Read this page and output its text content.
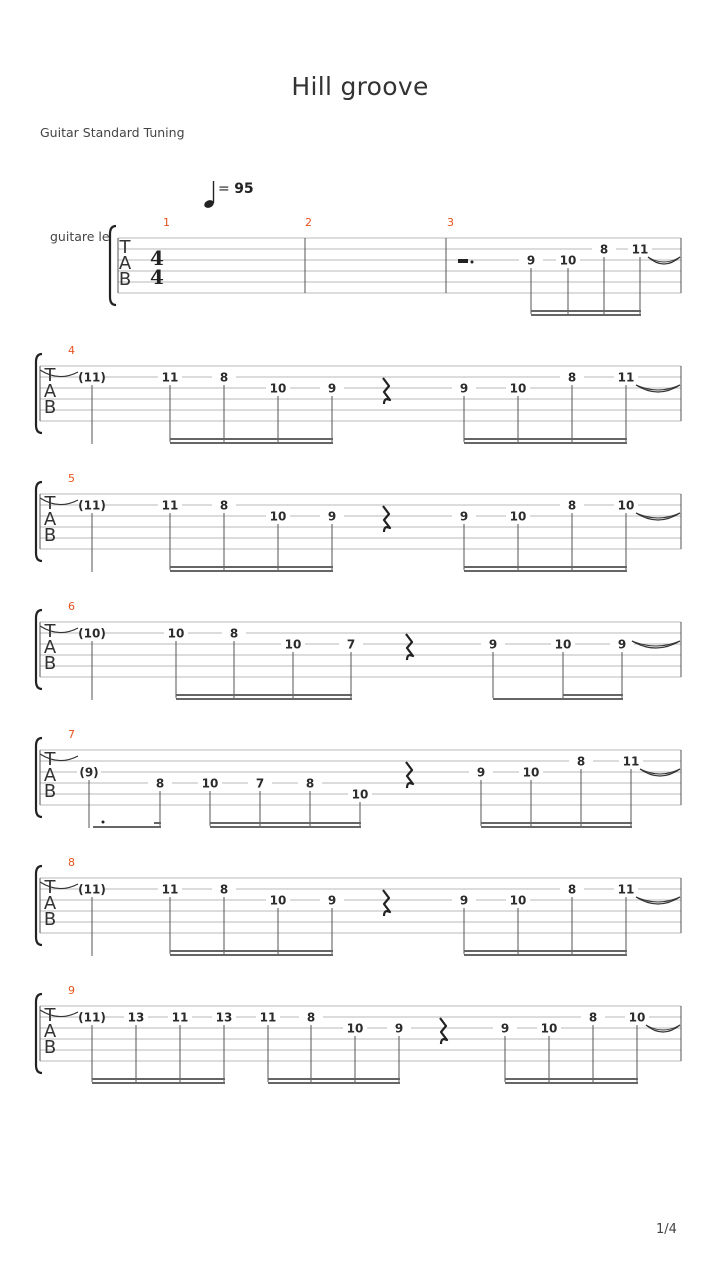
Hill groove
Guitar Standard Tuning
1/4
guitare le
T
A
B
4
4
= 95
1	2	3
9 10
8 11
T
A
B
4
(11)	11	8
10	9	9	10
8	11
T
A
B
5
(11)	11	8
10	9	9	10
8	10
T
A
B
6
(10)	10	8
10	7	9	10	9
T
A
B
7
(9)
8	10	7	8
10
9	10
8	11
T
A
B
8
(11)	11	8
10	9	9	10
8	11
T
A
B
9
(11) 13 11 13 11	8
10	9	9	10
8	10
